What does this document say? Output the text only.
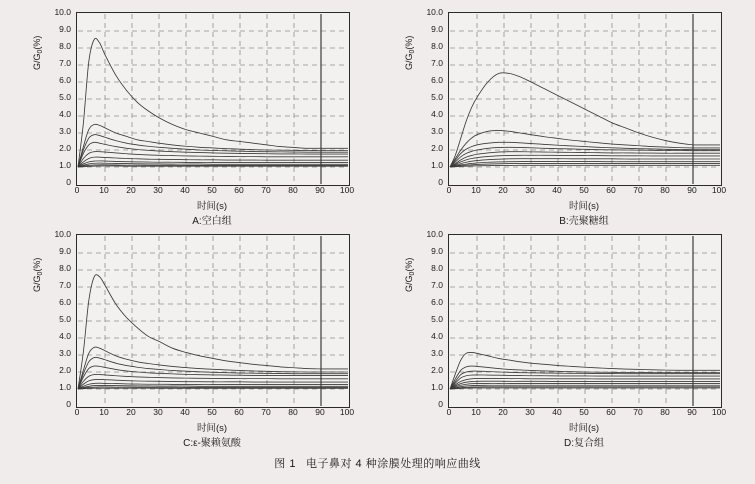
$G/G_0(\%)$
10.0
9.0
8.0
7.0
6.0
5.0
4.0
3.0
2.0
1.0
0
0 10 20 30 40 50 60 70 80 90 100
时间(s)
A:空白组
$G/G_0(\%)$
10.0
9.0
8.0
7.0
6.0
5.0
4.0
3.0
2.0
1.0
0
0 10 20 30 40 50 60 70 80 90 100
时间(s)
B:壳聚糖组
$G/G_0(\%)$
10.0
9.0
8.0
7.0
6.0
5.0
4.0
3.0
2.0
1.0
0
0 10 20 30 40 50 60 70 80 90 100
时间(s)
C:ε-聚赖氨酸
$G/G_0(\%)$
10.0
9.0
8.0
7.0
6.0
5.0
4.0
3.0
2.0
1.0
0
0 10 20 30 40 50 60 70 80 90 100
时间(s)
D:复合组
图 1 电子鼻对 4 种涂膜处理的响应曲线
